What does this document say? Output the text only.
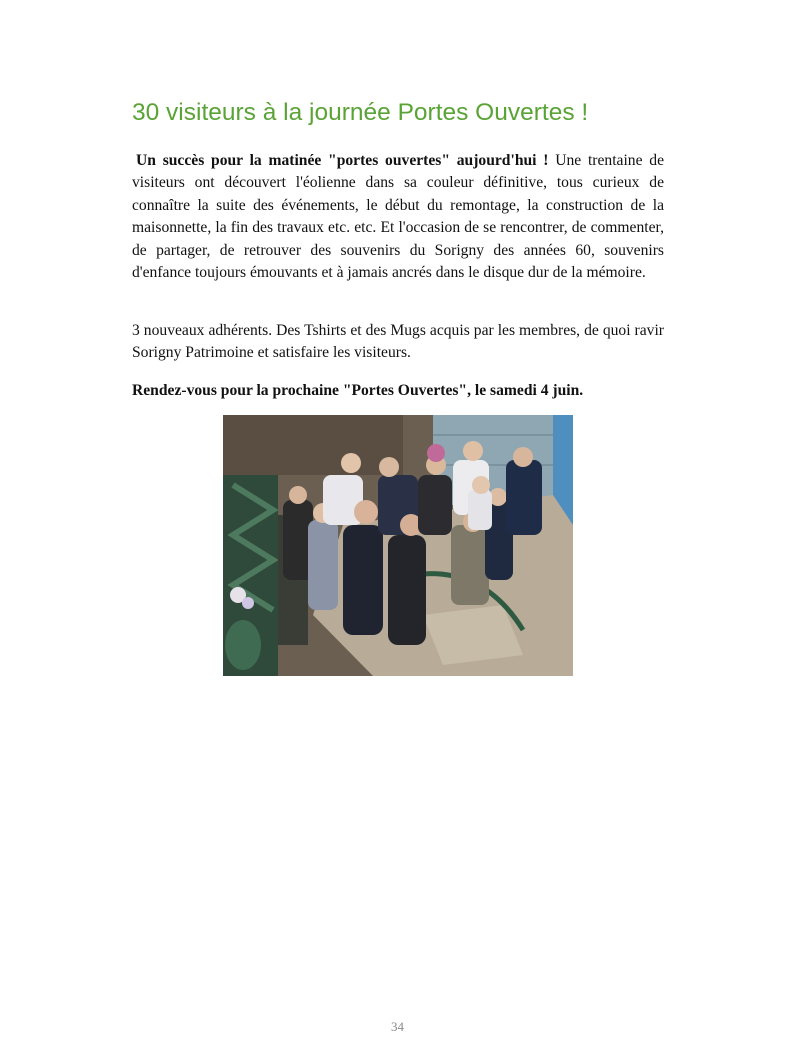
30 visiteurs à la journée Portes Ouvertes !

Un succès pour la matinée "portes ouvertes" aujourd'hui ! Une trentaine de visiteurs ont découvert l'éolienne dans sa couleur définitive, tous curieux de connaître la suite des événements, le début du remontage, la construction de la maisonnette, la fin des travaux etc. etc. Et l'occasion de se rencontrer, de commenter, de partager, de retrouver des souvenirs du Sorigny des années 60, souvenirs d'enfance toujours émouvants et à jamais ancrés dans le disque dur de la mémoire.

3 nouveaux adhérents. Des Tshirts et des Mugs acquis par les membres, de quoi ravir Sorigny Patrimoine et satisfaire les visiteurs.

Rendez-vous pour la prochaine "Portes Ouvertes", le samedi 4 juin.

34
